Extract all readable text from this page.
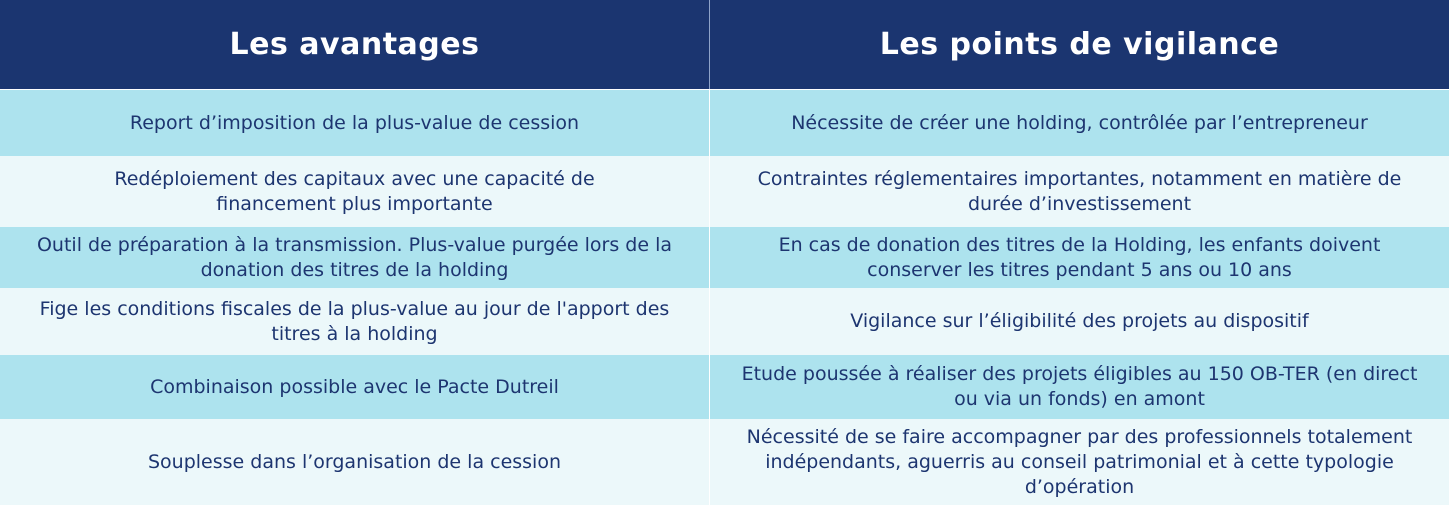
Les avantages	Les points de vigilance
Report d’imposition de la plus-value de cession	Nécessite de créer une holding, contrôlée par l’entrepreneur
Redéploiement des capitaux avec une capacité de financement plus importante
Contraintes réglementaires importantes, notamment en matière de durée d’investissement
Outil de préparation à la transmission. Plus-value purgée lors de la donation des titres de la holding
En cas de donation des titres de la Holding, les enfants doivent conserver les titres pendant 5 ans ou 10 ans
Fige les conditions fiscales de la plus-value au jour de l'apport des titres à la holding
Vigilance sur l’éligibilité des projets au dispositif
Combinaison possible avec le Pacte Dutreil
Etude poussée à réaliser des projets éligibles au 150 OB-TER (en direct ou via un fonds) en amont
Souplesse dans l’organisation de la cession
Nécessité de se faire accompagner par des professionnels totalement indépendants, aguerris au conseil patrimonial et à cette typologie d’opération
